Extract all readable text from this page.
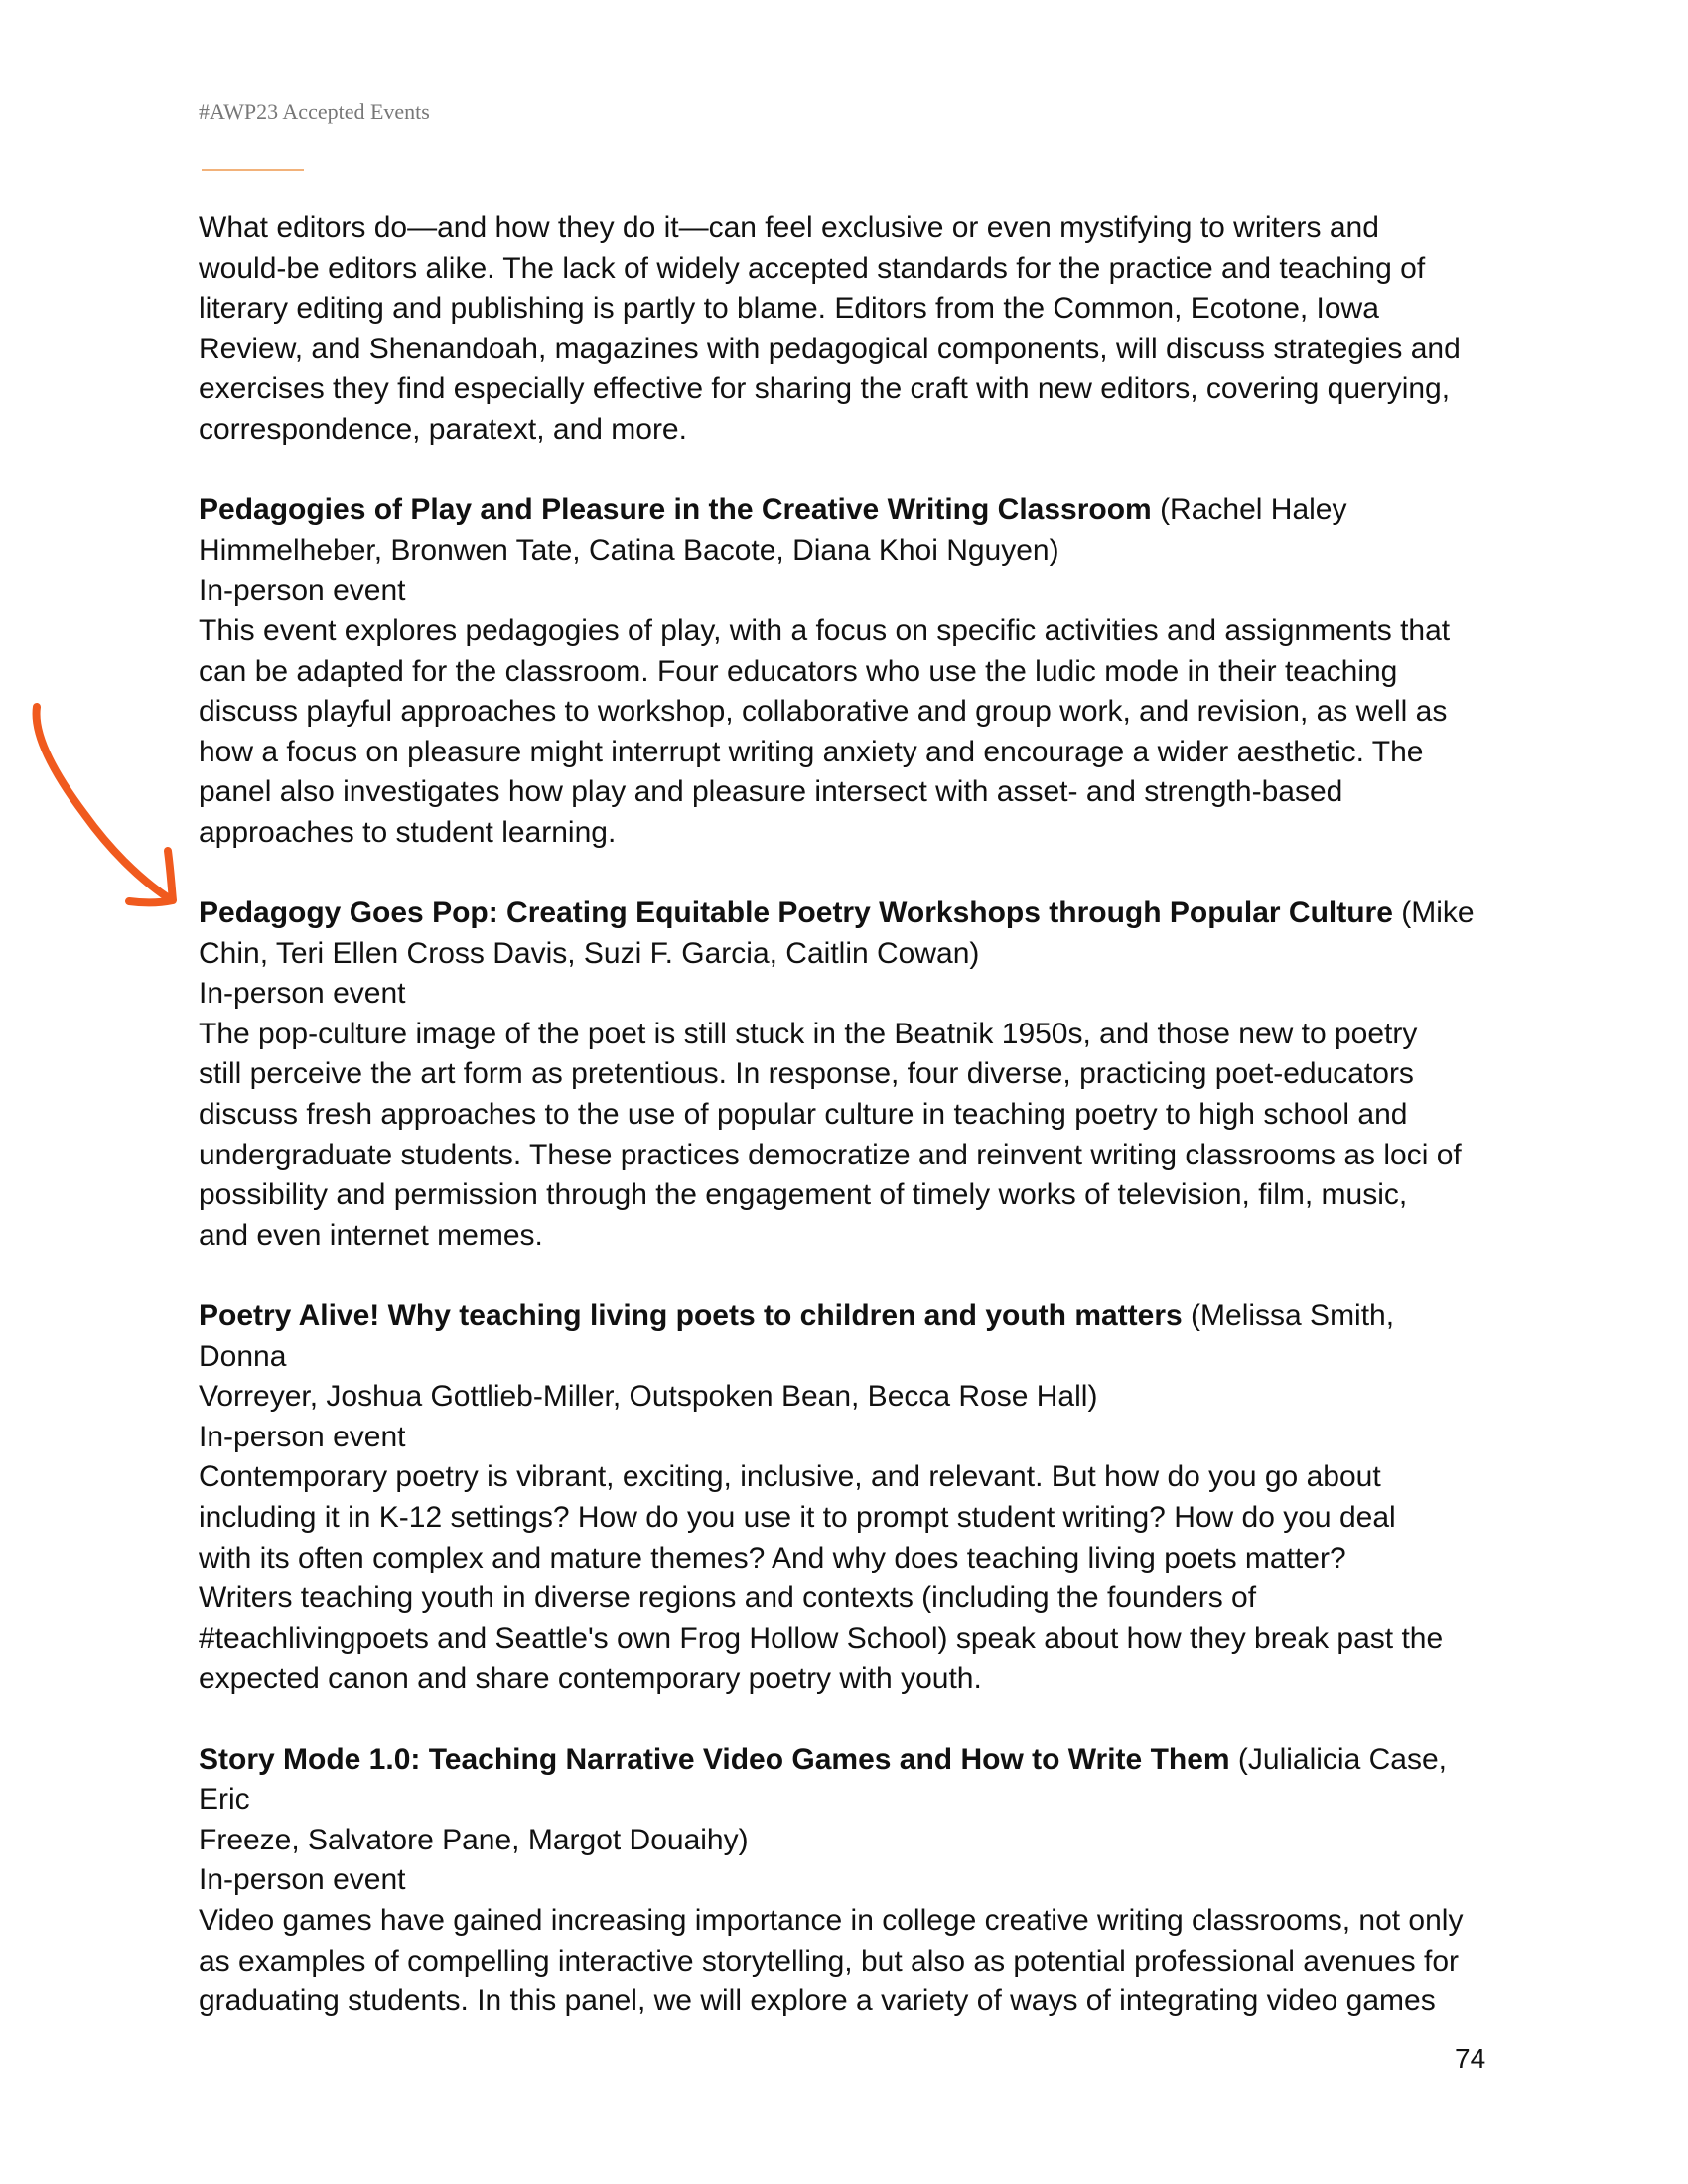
#AWP23 Accepted Events

What editors do—and how they do it—can feel exclusive or even mystifying to writers and

would-be editors alike. The lack of widely accepted standards for the practice and teaching of

literary editing and publishing is partly to blame. Editors from the Common, Ecotone, Iowa

Review, and Shenandoah, magazines with pedagogical components, will discuss strategies and

exercises they find especially effective for sharing the craft with new editors, covering querying,

correspondence, paratext, and more.

Pedagogies of Play and Pleasure in the Creative Writing Classroom (Rachel Haley

Himmelheber, Bronwen Tate, Catina Bacote, Diana Khoi Nguyen)

In-person event

This event explores pedagogies of play, with a focus on specific activities and assignments that

can be adapted for the classroom. Four educators who use the ludic mode in their teaching

discuss playful approaches to workshop, collaborative and group work, and revision, as well as

how a focus on pleasure might interrupt writing anxiety and encourage a wider aesthetic. The

panel also investigates how play and pleasure intersect with asset- and strength-based

approaches to student learning.

Pedagogy Goes Pop: Creating Equitable Poetry Workshops through Popular Culture (Mike

Chin, Teri Ellen Cross Davis, Suzi F. Garcia, Caitlin Cowan)

In-person event

The pop-culture image of the poet is still stuck in the Beatnik 1950s, and those new to poetry

still perceive the art form as pretentious. In response, four diverse, practicing poet-educators

discuss fresh approaches to the use of popular culture in teaching poetry to high school and

undergraduate students. These practices democratize and reinvent writing classrooms as loci of

possibility and permission through the engagement of timely works of television, film, music,

and even internet memes.

Poetry Alive! Why teaching living poets to children and youth matters (Melissa Smith, Donna

Vorreyer, Joshua Gottlieb-Miller, Outspoken Bean, Becca Rose Hall)

In-person event

Contemporary poetry is vibrant, exciting, inclusive, and relevant. But how do you go about

including it in K-12 settings? How do you use it to prompt student writing? How do you deal

with its often complex and mature themes? And why does teaching living poets matter?

Writers teaching youth in diverse regions and contexts (including the founders of

#teachlivingpoets and Seattle's own Frog Hollow School) speak about how they break past the

expected canon and share contemporary poetry with youth.

Story Mode 1.0: Teaching Narrative Video Games and How to Write Them (Julialicia Case, Eric

Freeze, Salvatore Pane, Margot Douaihy)

In-person event

Video games have gained increasing importance in college creative writing classrooms, not only

as examples of compelling interactive storytelling, but also as potential professional avenues for

graduating students. In this panel, we will explore a variety of ways of integrating video games

74
